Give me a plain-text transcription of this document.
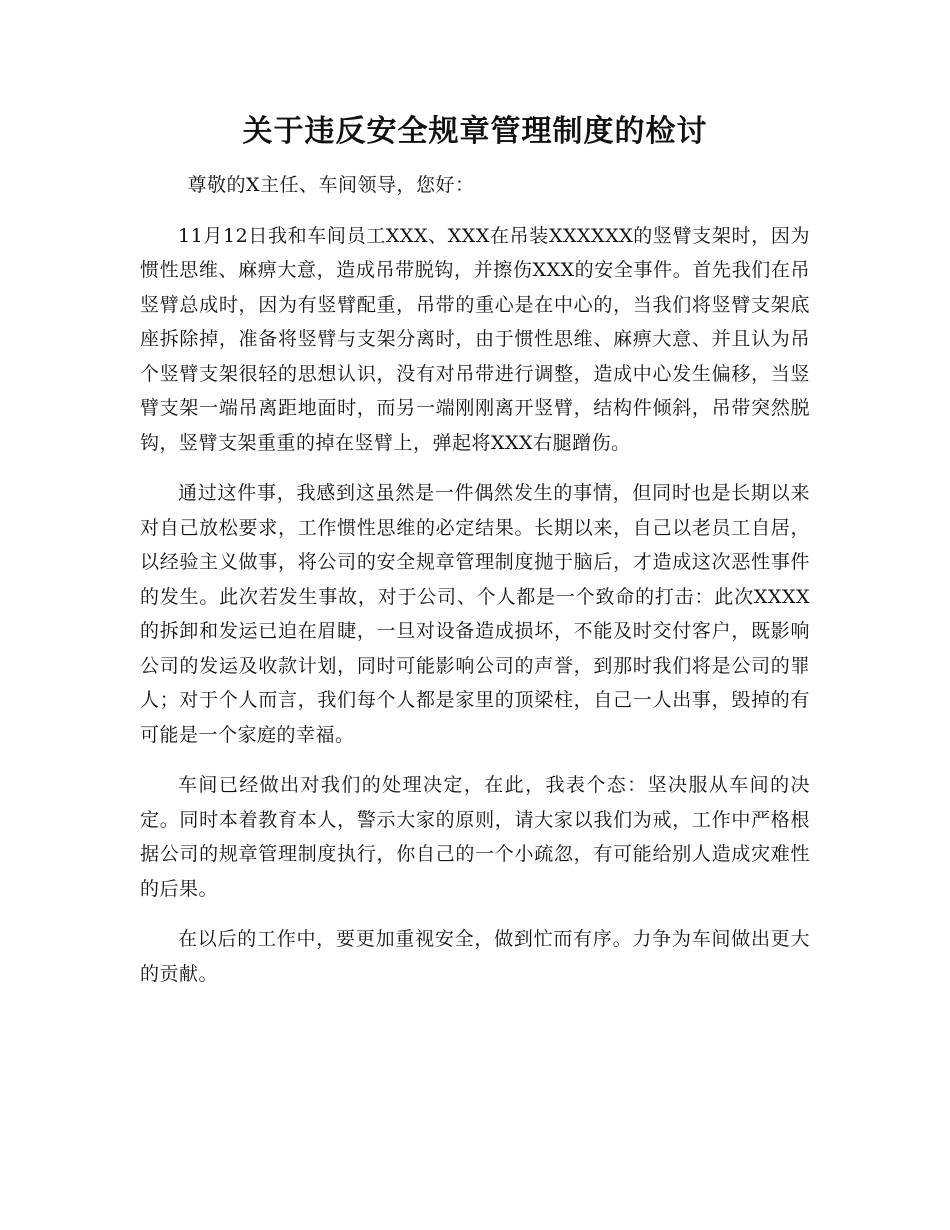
关于违反安全规章管理制度的检讨

尊敬的X主任、车间领导，您好：

11月12日我和车间员工XXX、XXX在吊装XXXXXX的竖臂支架时，因为惯性思维、麻痹大意，造成吊带脱钩，并擦伤XXX的安全事件。首先我们在吊竖臂总成时，因为有竖臂配重，吊带的重心是在中心的，当我们将竖臂支架底座拆除掉，准备将竖臂与支架分离时，由于惯性思维、麻痹大意、并且认为吊个竖臂支架很轻的思想认识，没有对吊带进行调整，造成中心发生偏移，当竖臂支架一端吊离距地面时，而另一端刚刚离开竖臂，结构件倾斜，吊带突然脱钩，竖臂支架重重的掉在竖臂上，弹起将XXX右腿蹭伤。

通过这件事，我感到这虽然是一件偶然发生的事情，但同时也是长期以来对自己放松要求，工作惯性思维的必定结果。长期以来，自己以老员工自居，以经验主义做事，将公司的安全规章管理制度抛于脑后，才造成这次恶性事件的发生。此次若发生事故，对于公司、个人都是一个致命的打击：此次XXXX的拆卸和发运已迫在眉睫，一旦对设备造成损坏，不能及时交付客户，既影响公司的发运及收款计划，同时可能影响公司的声誉，到那时我们将是公司的罪人；对于个人而言，我们每个人都是家里的顶梁柱，自己一人出事，毁掉的有可能是一个家庭的幸福。

车间已经做出对我们的处理决定，在此，我表个态：坚决服从车间的决定。同时本着教育本人，警示大家的原则，请大家以我们为戒，工作中严格根据公司的规章管理制度执行，你自己的一个小疏忽，有可能给别人造成灾难性的后果。

在以后的工作中，要更加重视安全，做到忙而有序。力争为车间做出更大的贡献。
